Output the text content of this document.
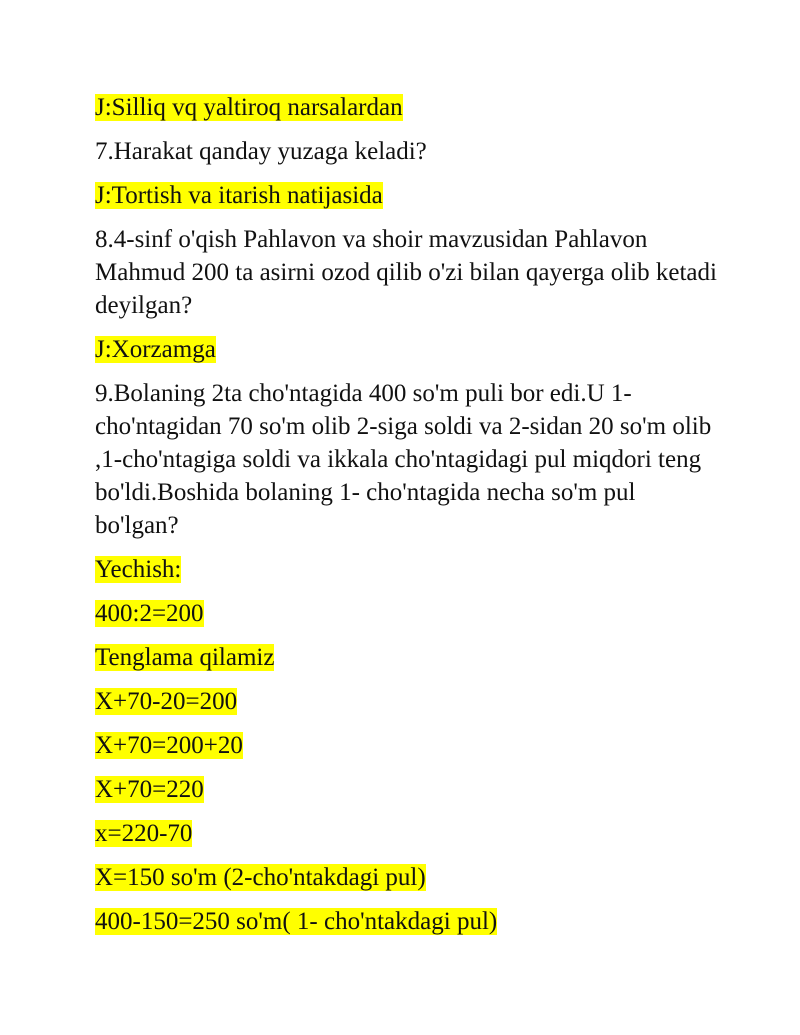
J:Silliq vq yaltiroq narsalardan
7.Harakat qanday yuzaga keladi?
J:Tortish va itarish natijasida
8.4-sinf o'qish Pahlavon va shoir mavzusidan Pahlavon Mahmud 200 ta asirni ozod qilib o'zi bilan qayerga olib ketadi deyilgan?
J:Xorzamga
9.Bolaning 2ta cho'ntagida 400 so'm puli bor edi.U 1-cho'ntagidan 70 so'm olib 2-siga soldi va 2-sidan 20 so'm olib ,1-cho'ntagiga soldi va ikkala cho'ntagidagi pul miqdori teng bo'ldi.Boshida bolaning 1- cho'ntagida necha so'm pul bo'lgan?
Yechish:
400:2=200
Tenglama qilamiz
X+70-20=200
X+70=200+20
X+70=220
x=220-70
X=150 so'm (2-cho'ntakdagi pul)
400-150=250 so'm( 1- cho'ntakdagi pul)
